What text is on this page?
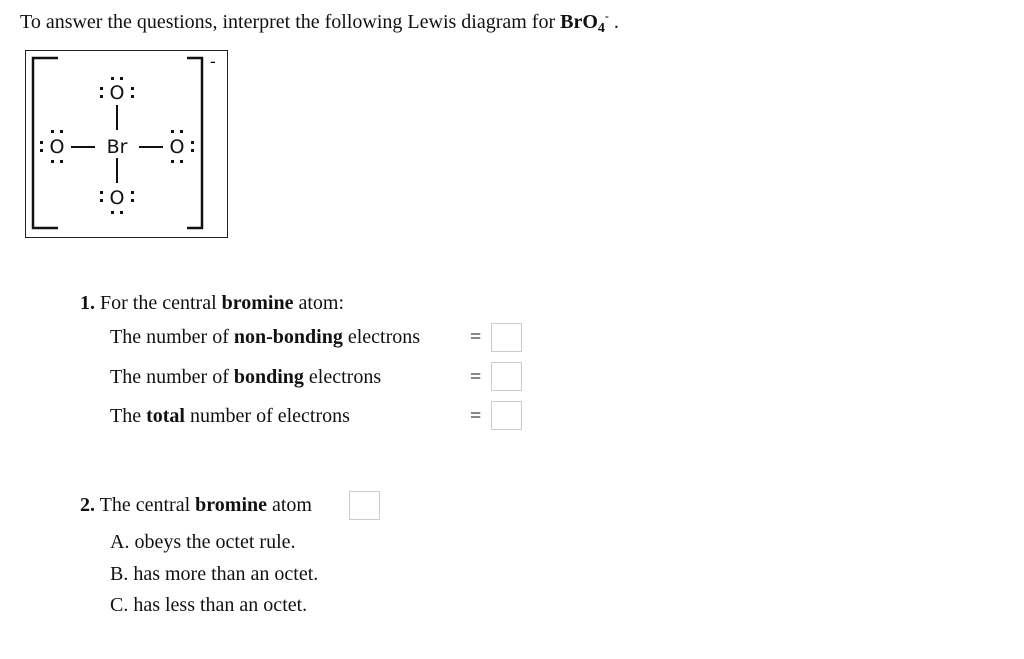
To answer the questions, interpret the following Lewis diagram for BrO$_4$- .
-
O
Br
O	O
O
1. For the central bromine atom:
The number of non-bonding electrons =
The number of bonding electrons	=
The total number of electrons	=
2. The central bromine atom
A. obeys the octet rule.
B. has more than an octet.
C. has less than an octet.
